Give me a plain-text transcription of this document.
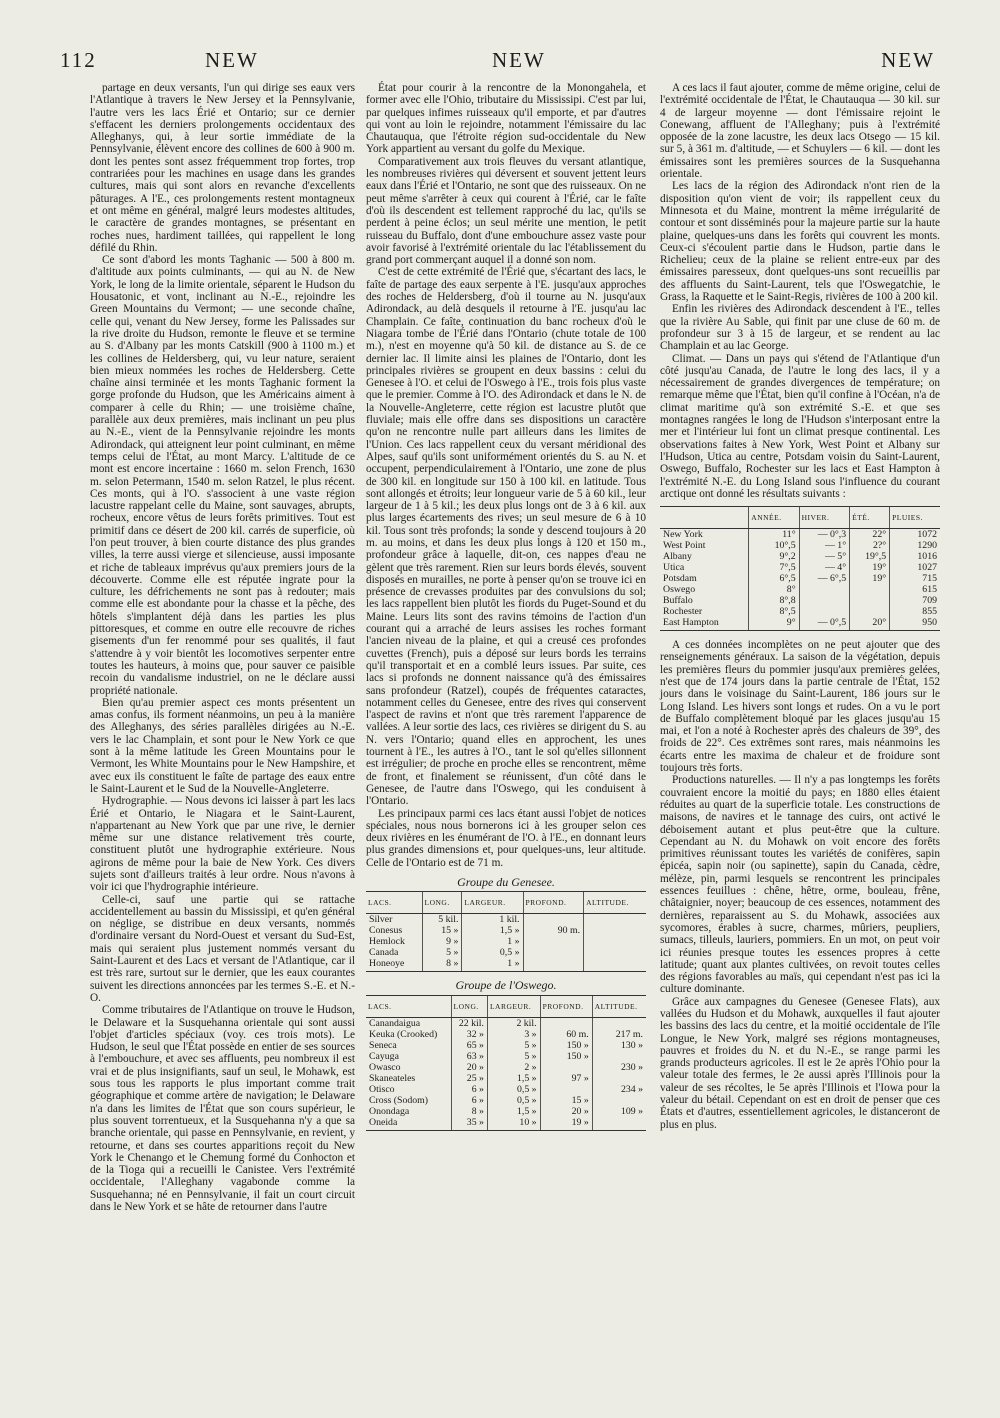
112	NEW	NEW	NEW

partage en deux versants, l'un qui dirige ses eaux vers l'Atlantique à travers le New Jersey et la Pennsylvanie, l'autre vers les lacs Érié et Ontario; sur ce dernier s'effacent les derniers prolongements occidentaux des Alleghanys, qui, à leur sortie immédiate de la Pennsylvanie, élèvent encore des collines de 600 à 900 m. dont les pentes sont assez fréquemment trop fortes, trop contrariées pour les machines en usage dans les grandes cultures, mais qui sont alors en revanche d'excellents pâturages. A l'E., ces prolongements restent montagneux et ont même en général, malgré leurs modestes altitudes, le caractère de grandes montagnes, se présentant en roches nues, hardiment taillées, qui rappellent le long défilé du Rhin.

Ce sont d'abord les monts Taghanic — 500 à 800 m. d'altitude aux points culminants, — qui au N. de New York, le long de la limite orientale, séparent le Hudson du Housatonic, et vont, inclinant au N.-E., rejoindre les Green Mountains du Vermont; — une seconde chaîne, celle qui, venant du New Jersey, forme les Palissades sur la rive droite du Hudson, remonte le fleuve et se termine au S. d'Albany par les monts Catskill (900 à 1100 m.) et les collines de Heldersberg, qui, vu leur nature, seraient bien mieux nommées les roches de Heldersberg. Cette chaîne ainsi terminée et les monts Taghanic forment la gorge profonde du Hudson, que les Américains aiment à comparer à celle du Rhin; — une troisième chaîne, parallèle aux deux premières, mais inclinant un peu plus au N.-E., vient de la Pennsylvanie rejoindre les monts Adirondack, qui atteignent leur point culminant, en même temps celui de l'État, au mont Marcy. L'altitude de ce mont est encore incertaine : 1660 m. selon French, 1630 m. selon Petermann, 1540 m. selon Ratzel, le plus récent. Ces monts, qui à l'O. s'associent à une vaste région lacustre rappelant celle du Maine, sont sauvages, abrupts, rocheux, encore vêtus de leurs forêts primitives. Tout est primitif dans ce désert de 200 kil. carrés de superficie, où l'on peut trouver, à bien courte distance des plus grandes villes, la terre aussi vierge et silencieuse, aussi imposante et riche de tableaux imprévus qu'aux premiers jours de la découverte. Comme elle est réputée ingrate pour la culture, les défrichements ne sont pas à redouter; mais comme elle est abondante pour la chasse et la pêche, des hôtels s'implantent déjà dans les parties les plus pittoresques, et comme en outre elle recouvre de riches gisements d'un fer renommé pour ses qualités, il faut s'attendre à y voir bientôt les locomotives serpenter entre toutes les hauteurs, à moins que, pour sauver ce paisible recoin du vandalisme industriel, on ne le déclare aussi propriété nationale.

Bien qu'au premier aspect ces monts présentent un amas confus, ils forment néanmoins, un peu à la manière des Alleghanys, des séries parallèles dirigées au N.-E. vers le lac Champlain, et sont pour le New York ce que sont à la même latitude les Green Mountains pour le Vermont, les White Mountains pour le New Hampshire, et avec eux ils constituent le faîte de partage des eaux entre le Saint-Laurent et le Sud de la Nouvelle-Angleterre.

Hydrographie. — Nous devons ici laisser à part les lacs Érié et Ontario, le Niagara et le Saint-Laurent, n'appartenant au New York que par une rive, le dernier même sur une distance relativement très courte, constituent plutôt une hydrographie extérieure. Nous agirons de même pour la baie de New York. Ces divers sujets sont d'ailleurs traités à leur ordre. Nous n'avons à voir ici que l'hydrographie intérieure.

Celle-ci, sauf une partie qui se rattache accidentellement au bassin du Mississipi, et qu'en général on néglige, se distribue en deux versants, nommés d'ordinaire versant du Nord-Ouest et versant du Sud-Est, mais qui seraient plus justement nommés versant du Saint-Laurent et des Lacs et versant de l'Atlantique, car il est très rare, surtout sur le dernier, que les eaux courantes suivent les directions annoncées par les termes S.-E. et N.-O.

Comme tributaires de l'Atlantique on trouve le Hudson, le Delaware et la Susquehanna orientale qui sont aussi l'objet d'articles spéciaux (voy. ces trois mots). Le Hudson, le seul que l'État possède en entier de ses sources à l'embouchure, et avec ses affluents, peu nombreux il est vrai et de plus insignifiants, sauf un seul, le Mohawk, est sous tous les rapports le plus important comme trait géographique et comme artère de navigation; le Delaware n'a dans les limites de l'État que son cours supérieur, le plus souvent torrentueux, et la Susquehanna n'y a que sa branche orientale, qui passe en Pennsylvanie, en revient, y retourne, et dans ses courtes apparitions reçoit du New York le Chenango et le Chemung formé du Conhocton et de la Tioga qui a recueilli le Canistee. Vers l'extrémité occidentale, l'Alleghany vagabonde comme la Susquehanna; né en Pennsylvanie, il fait un court circuit dans le New York et se hâte de retourner dans l'autre

État pour courir à la rencontre de la Monongahela, et former avec elle l'Ohio, tributaire du Mississipi. C'est par lui, par quelques infimes ruisseaux qu'il emporte, et par d'autres qui vont au loin le rejoindre, notamment l'émissaire du lac Chautauqua, que l'étroite région sud-occidentale du New York appartient au versant du golfe du Mexique.

Comparativement aux trois fleuves du versant atlantique, les nombreuses rivières qui déversent et souvent jettent leurs eaux dans l'Érié et l'Ontario, ne sont que des ruisseaux. On ne peut même s'arrêter à ceux qui courent à l'Érié, car le faîte d'où ils descendent est tellement rapproché du lac, qu'ils se perdent à peine éclos; un seul mérite une mention, le petit ruisseau du Buffalo, dont d'une embouchure assez vaste pour avoir favorisé à l'extrémité orientale du lac l'établissement du grand port commerçant auquel il a donné son nom.

C'est de cette extrémité de l'Érié que, s'écartant des lacs, le faîte de partage des eaux serpente à l'E. jusqu'aux approches des roches de Heldersberg, d'où il tourne au N. jusqu'aux Adirondack, au delà desquels il retourne à l'E. jusqu'au lac Champlain. Ce faîte, continuation du banc rocheux d'où le Niagara tombe de l'Érié dans l'Ontario (chute totale de 100 m.), n'est en moyenne qu'à 50 kil. de distance au S. de ce dernier lac. Il limite ainsi les plaines de l'Ontario, dont les principales rivières se groupent en deux bassins : celui du Genesee à l'O. et celui de l'Oswego à l'E., trois fois plus vaste que le premier. Comme à l'O. des Adirondack et dans le N. de la Nouvelle-Angleterre, cette région est lacustre plutôt que fluviale; mais elle offre dans ses dispositions un caractère qu'on ne rencontre nulle part ailleurs dans les limites de l'Union. Ces lacs rappellent ceux du versant méridional des Alpes, sauf qu'ils sont uniformément orientés du S. au N. et occupent, perpendiculairement à l'Ontario, une zone de plus de 300 kil. en longitude sur 150 à 100 kil. en latitude. Tous sont allongés et étroits; leur longueur varie de 5 à 60 kil., leur largeur de 1 à 5 kil.; les deux plus longs ont de 3 à 6 kil. aux plus larges écartements des rives; un seul mesure de 6 à 10 kil. Tous sont très profonds; la sonde y descend toujours à 20 m. au moins, et dans les deux plus longs à 120 et 150 m., profondeur grâce à laquelle, dit-on, ces nappes d'eau ne gèlent que très rarement. Rien sur leurs bords élevés, souvent disposés en murailles, ne porte à penser qu'on se trouve ici en présence de crevasses produites par des convulsions du sol; les lacs rappellent bien plutôt les fiords du Puget-Sound et du Maine. Leurs lits sont des ravins témoins de l'action d'un courant qui a arraché de leurs assises les roches formant l'ancien niveau de la plaine, et qui a creusé ces profondes cuvettes (French), puis a déposé sur leurs bords les terrains qu'il transportait et en a comblé leurs issues. Par suite, ces lacs si profonds ne donnent naissance qu'à des émissaires sans profondeur (Ratzel), coupés de fréquentes cataractes, notamment celles du Genesee, entre des rives qui conservent l'aspect de ravins et n'ont que très rarement l'apparence de vallées. A leur sortie des lacs, ces rivières se dirigent du S. au N. vers l'Ontario; quand elles en approchent, les unes tournent à l'E., les autres à l'O., tant le sol qu'elles sillonnent est irrégulier; de proche en proche elles se rencontrent, même de front, et finalement se réunissent, d'un côté dans le Genesee, de l'autre dans l'Oswego, qui les conduisent à l'Ontario.

Les principaux parmi ces lacs étant aussi l'objet de notices spéciales, nous nous bornerons ici à les grouper selon ces deux rivières en les énumérant de l'O. à l'E., en donnant leurs plus grandes dimensions et, pour quelques-uns, leur altitude. Celle de l'Ontario est de 71 m.

Groupe du Genesee.
LACS.	LONG.	LARGEUR.	PROFOND.	ALTITUDE.
Silver	5 kil.	1 kil.		
Conesus	15 »	1,5 »	90 m.	
Hemlock	9 »	1 »		
Canada	5 »	0,5 »		
Honeoye	8 »	1 »		
Groupe de l'Oswego.
LACS.	LONG.	LARGEUR.	PROFOND.	ALTITUDE.
Canandaigua	22 kil.	2 kil.		
Keuka (Crooked)	32 »	3 »	60 m.	217 m.
Seneca	65 »	5 »	150 »	130 »
Cayuga	63 »	5 »	150 »	
Owasco	20 »	2 »		230 »
Skaneateles	25 »	1,5 »	97 »	
Otisco	6 »	0,5 »		234 »
Cross (Sodom)	6 »	0,5 »	15 »	
Onondaga	8 »	1,5 »	20 »	109 »
Oneida	35 »	10 »	19 »	

A ces lacs il faut ajouter, comme de même origine, celui de l'extrémité occidentale de l'État, le Chautauqua — 30 kil. sur 4 de largeur moyenne — dont l'émissaire rejoint le Conewang, affluent de l'Alleghany; puis à l'extrémité opposée de la zone lacustre, les deux lacs Otsego — 15 kil. sur 5, à 361 m. d'altitude, — et Schuylers — 6 kil. — dont les émissaires sont les premières sources de la Susquehanna orientale.

Les lacs de la région des Adirondack n'ont rien de la disposition qu'on vient de voir; ils rappellent ceux du Minnesota et du Maine, montrent la même irrégularité de contour et sont disséminés pour la majeure partie sur la haute plaine, quelques-uns dans les forêts qui couvrent les monts. Ceux-ci s'écoulent partie dans le Hudson, partie dans le Richelieu; ceux de la plaine se relient entre-eux par des émissaires paresseux, dont quelques-uns sont recueillis par des affluents du Saint-Laurent, tels que l'Oswegatchie, le Grass, la Raquette et le Saint-Regis, rivières de 100 à 200 kil.

Enfin les rivières des Adirondack descendent à l'E., telles que la rivière Au Sable, qui finit par une cluse de 60 m. de profondeur sur 3 à 15 de largeur, et se rendent au lac Champlain et au lac George.

Climat. — Dans un pays qui s'étend de l'Atlantique d'un côté jusqu'au Canada, de l'autre le long des lacs, il y a nécessairement de grandes divergences de température; on remarque même que l'État, bien qu'il confine à l'Océan, n'a de climat maritime qu'à son extrémité S.-E. et que ses montagnes rangées le long de l'Hudson s'interposant entre la mer et l'intérieur lui font un climat presque continental. Les observations faites à New York, West Point et Albany sur l'Hudson, Utica au centre, Potsdam voisin du Saint-Laurent, Oswego, Buffalo, Rochester sur les lacs et East Hampton à l'extrémité N.-E. du Long Island sous l'influence du courant arctique ont donné les résultats suivants :

	ANNÉE.	HIVER.	ÉTÉ.	PLUIES.
New York	11°	— 0°,3	22°	1072
West Point	10°,5	— 1°	2?°	1290
Albany	9°,2	— 5°	19°,5	1016
Utica	7°,5	— 4°	19°	1027
Potsdam	6°,5	— 6°,5	19°	715
Oswego	8°			615
Buffalo	8°,8			709
Rochester	8°,5			855
East Hampton	9°	— 0°,5	20°	950

A ces données incomplètes on ne peut ajouter que des renseignements généraux. La saison de la végétation, depuis les premières fleurs du pommier jusqu'aux premières gelées, n'est que de 174 jours dans la partie centrale de l'État, 152 jours dans le voisinage du Saint-Laurent, 186 jours sur le Long Island. Les hivers sont longs et rudes. On a vu le port de Buffalo complètement bloqué par les glaces jusqu'au 15 mai, et l'on a noté à Rochester après des chaleurs de 39°, des froids de 22°. Ces extrêmes sont rares, mais néanmoins les écarts entre les maxima de chaleur et de froidure sont toujours très forts.

Productions naturelles. — Il n'y a pas longtemps les forêts couvraient encore la moitié du pays; en 1880 elles étaient réduites au quart de la superficie totale. Les constructions de maisons, de navires et le tannage des cuirs, ont activé le déboisement autant et plus peut-être que la culture. Cependant au N. du Mohawk on voit encore des forêts primitives réunissant toutes les variétés de conifères, sapin épicéa, sapin noir (ou sapinette), sapin du Canada, cèdre, mélèze, pin, parmi lesquels se rencontrent les principales essences feuillues : chêne, hêtre, orme, bouleau, frêne, châtaignier, noyer; beaucoup de ces essences, notamment des dernières, reparaissent au S. du Mohawk, associées aux sycomores, érables à sucre, charmes, mûriers, peupliers, sumacs, tilleuls, lauriers, pommiers. En un mot, on peut voir ici réunies presque toutes les essences propres à cette latitude; quant aux plantes cultivées, on revoit toutes celles des régions favorables au maïs, qui cependant n'est pas ici la culture dominante.

Grâce aux campagnes du Genesee (Genesee Flats), aux vallées du Hudson et du Mohawk, auxquelles il faut ajouter les bassins des lacs du centre, et la moitié occidentale de l'île Longue, le New York, malgré ses régions montagneuses, pauvres et froides du N. et du N.-E., se range parmi les grands producteurs agricoles. Il est le 2e après l'Ohio pour la valeur totale des fermes, le 2e aussi après l'Illinois pour la valeur de ses récoltes, le 5e après l'Illinois et l'Iowa pour la valeur du bétail. Cependant on est en droit de penser que ces États et d'autres, essentiellement agricoles, le distanceront de plus en plus.
